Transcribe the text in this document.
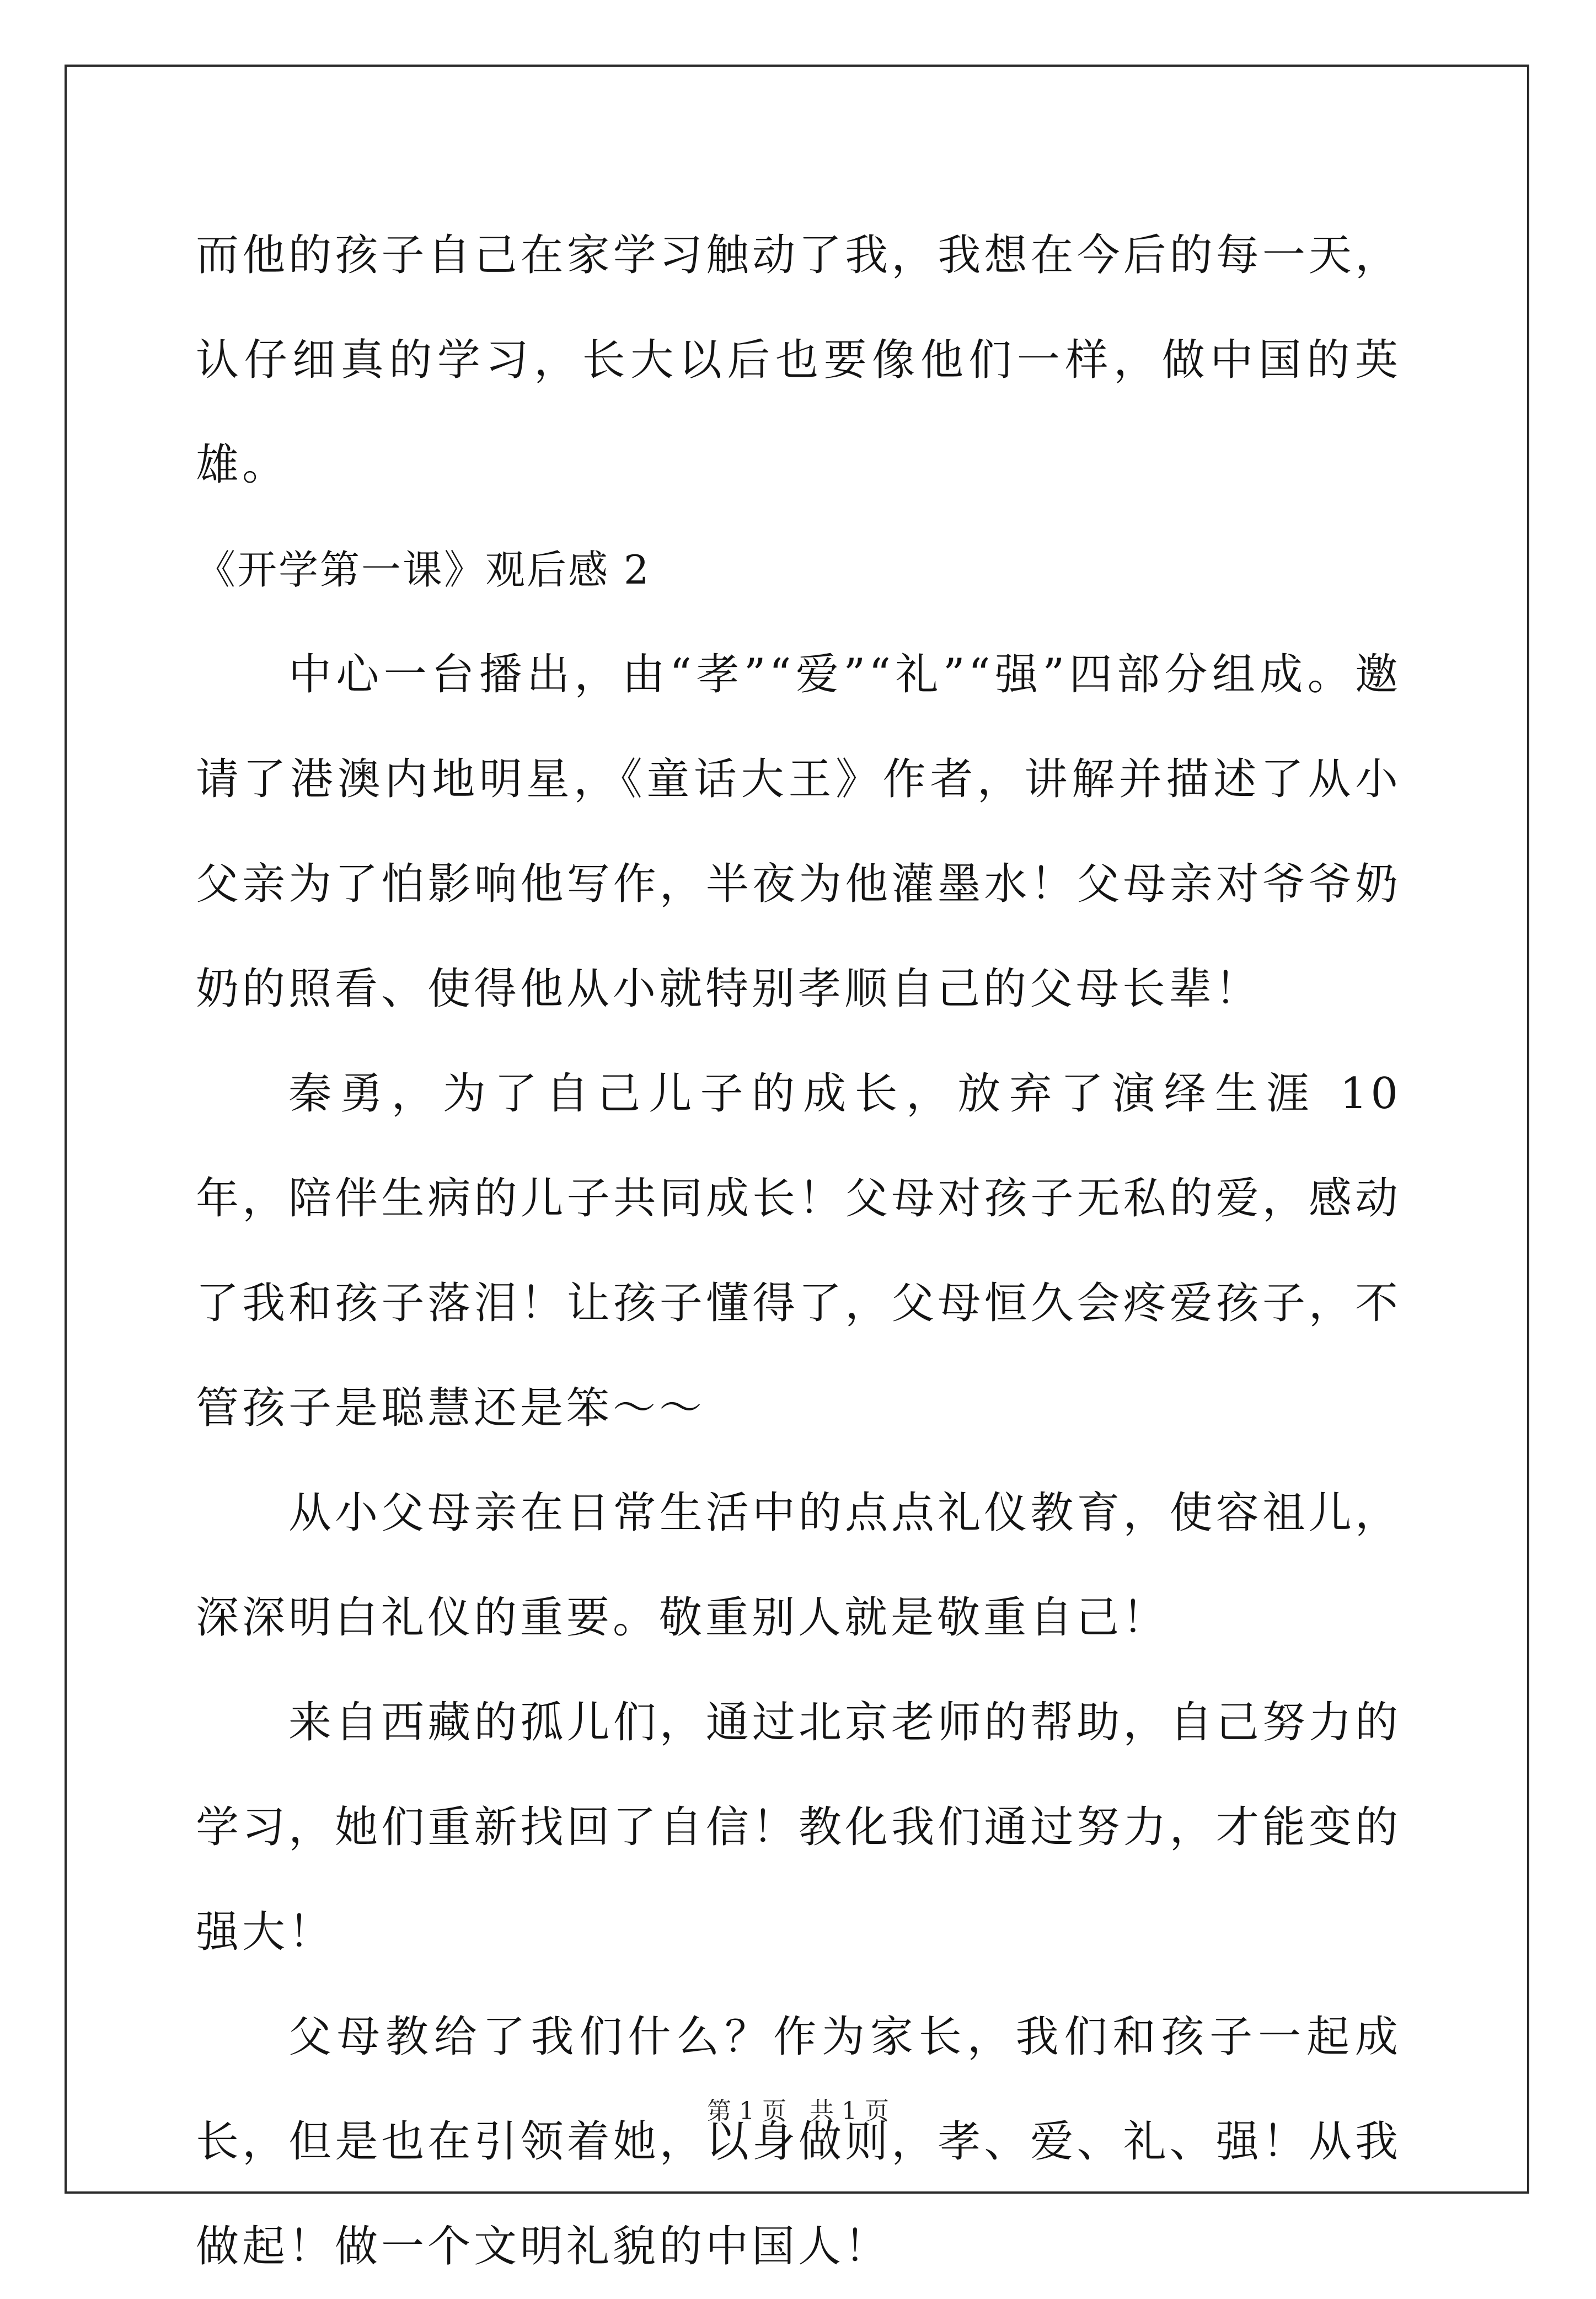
而他的孩子自己在家学习触动了我，我想在今后的每一天，认仔细真的学习，长大以后也要像他们一样，做中国的英雄。

《开学第一课》观后感 2

中心一台播出，由“孝”“爱”“礼”“强”四部分组成。邀请了港澳内地明星，《童话大王》作者，讲解并描述了从小父亲为了怕影响他写作，半夜为他灌墨水！父母亲对爷爷奶奶的照看、使得他从小就特别孝顺自己的父母长辈！

秦勇，为了自己儿子的成长，放弃了演绎生涯 10 年，陪伴生病的儿子共同成长！父母对孩子无私的爱，感动了我和孩子落泪！让孩子懂得了，父母恒久会疼爱孩子，不管孩子是聪慧还是笨～～

从小父母亲在日常生活中的点点礼仪教育，使容祖儿，深深明白礼仪的重要。敬重别人就是敬重自己！

来自西藏的孤儿们，通过北京老师的帮助，自己努力的学习，她们重新找回了自信！教化我们通过努力，才能变的强大！

父母教给了我们什么？作为家长，我们和孩子一起成长，但是也在引领着她，以身做则，孝、爱、礼、强！从我做起！做一个文明礼貌的中国人！

第 1 页 共 1 页
